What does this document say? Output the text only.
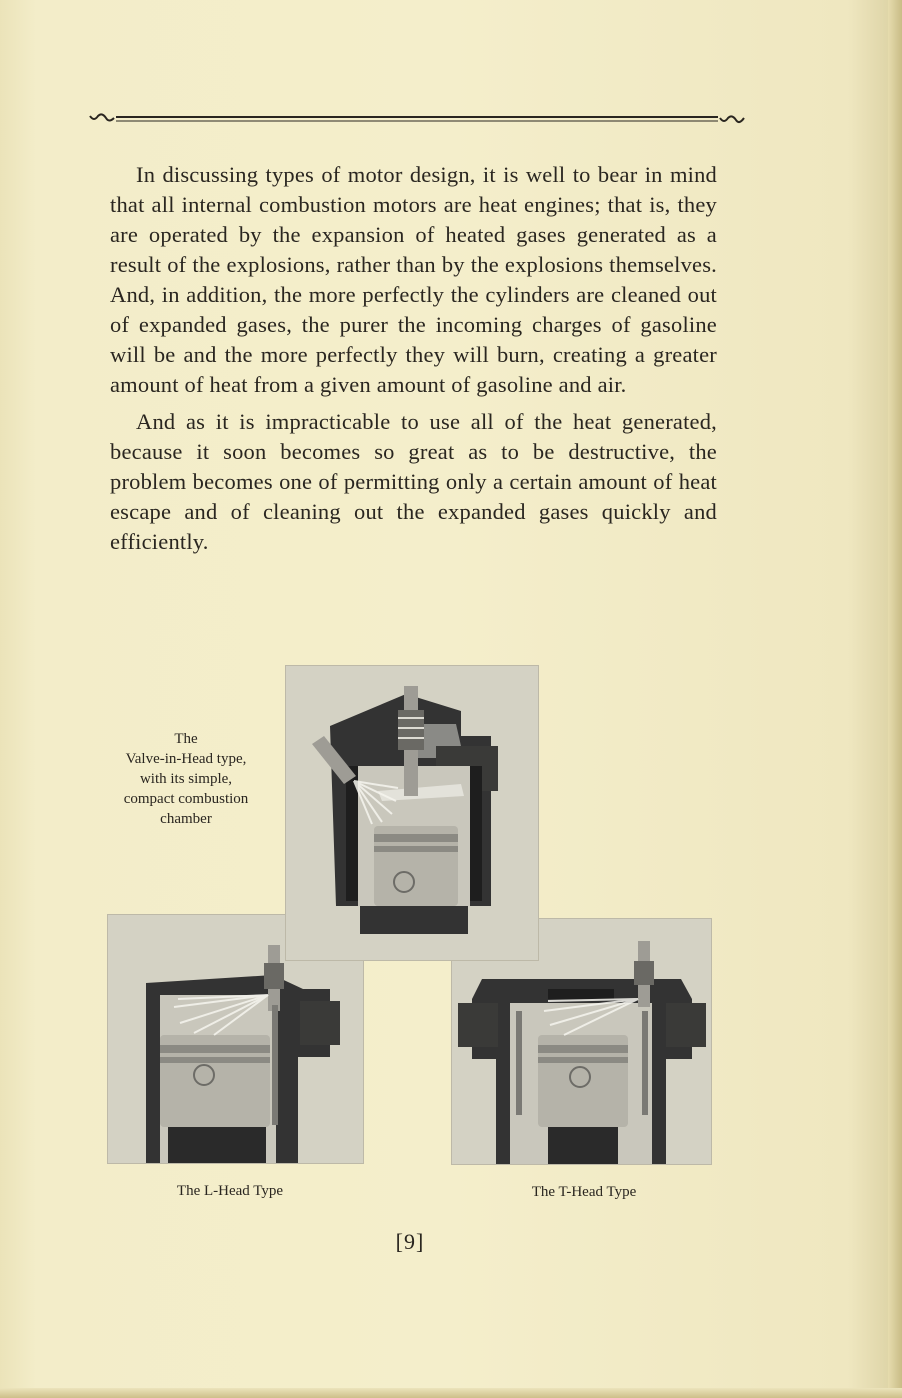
In discussing types of motor design, it is well to bear in mind that all internal combustion motors are heat engines; that is, they are operated by the expansion of heated gases generated as a result of the explosions, rather than by the explosions themselves. And, in addition, the more perfectly the cylinders are cleaned out of expanded gases, the purer the incoming charges of gasoline will be and the more perfectly they will burn, creating a greater amount of heat from a given amount of gasoline and air.

And as it is impracticable to use all of the heat generated, because it soon becomes so great as to be destructive, the problem becomes one of permitting only a certain amount of heat escape and of cleaning out the expanded gases quickly and efficiently.

The
Valve-in-Head type,
with its simple,
compact combustion
chamber
The L-Head Type	The T-Head Type
[9]
